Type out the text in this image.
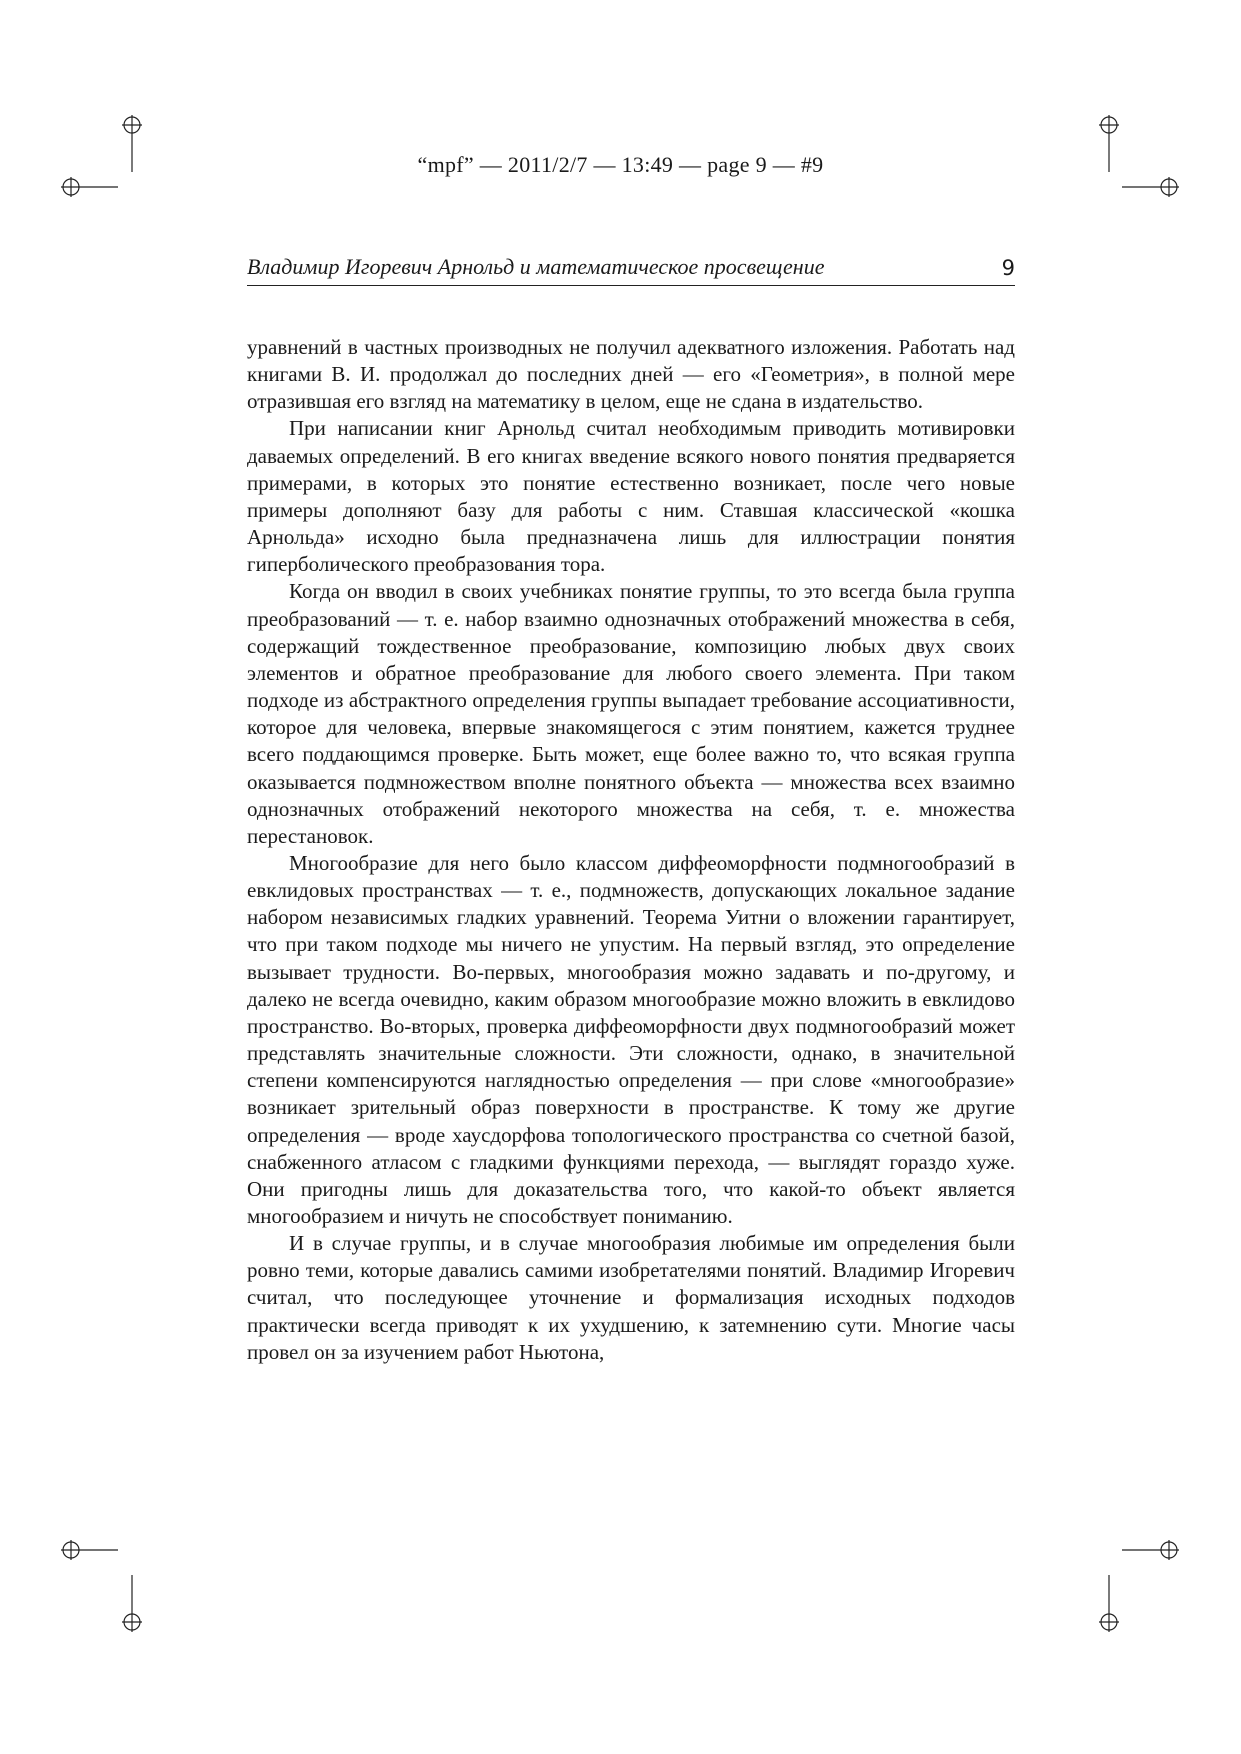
“mpf” — 2011/2/7 — 13:49 — page 9 — #9
Владимир Игоревич Арнольд и математическое просвещение	9

уравнений в частных производных не получил адекватного изложения. Работать над книгами В. И. продолжал до последних дней — его «Геометрия», в полной мере отразившая его взгляд на математику в целом, еще не сдана в издательство.

При написании книг Арнольд считал необходимым приводить мотивировки даваемых определений. В его книгах введение всякого нового понятия предваряется примерами, в которых это понятие естественно возникает, после чего новые примеры дополняют базу для работы с ним. Ставшая классической «кошка Арнольда» исходно была предназначена лишь для иллюстрации понятия гиперболического преобразования тора.

Когда он вводил в своих учебниках понятие группы, то это всегда была группа преобразований — т. е. набор взаимно однозначных отображений множества в себя, содержащий тождественное преобразование, композицию любых двух своих элементов и обратное преобразование для любого своего элемента. При таком подходе из абстрактного определения группы выпадает требование ассоциативности, которое для человека, впервые знакомящегося с этим понятием, кажется труднее всего поддающимся проверке. Быть может, еще более важно то, что всякая группа оказывается подмножеством вполне понятного объекта — множества всех взаимно однозначных отображений некоторого множества на себя, т. е. множества перестановок.

Многообразие для него было классом диффеоморфности подмногообразий в евклидовых пространствах — т. е., подмножеств, допускающих локальное задание набором независимых гладких уравнений. Теорема Уитни о вложении гарантирует, что при таком подходе мы ничего не упустим. На первый взгляд, это определение вызывает трудности. Во-первых, многообразия можно задавать и по-другому, и далеко не всегда очевидно, каким образом многообразие можно вложить в евклидово пространство. Во-вторых, проверка диффеоморфности двух подмногообразий может представлять значительные сложности. Эти сложности, однако, в значительной степени компенсируются наглядностью определения — при слове «многообразие» возникает зрительный образ поверхности в пространстве. К тому же другие определения — вроде хаусдорфова топологического пространства со счетной базой, снабженного атласом с гладкими функциями перехода, — выглядят гораздо хуже. Они пригодны лишь для доказательства того, что какой-то объект является многообразием и ничуть не способствует пониманию.

И в случае группы, и в случае многообразия любимые им определения были ровно теми, которые давались самими изобретателями понятий. Владимир Игоревич считал, что последующее уточнение и формализация исходных подходов практически всегда приводят к их ухудшению, к затемнению сути. Многие часы провел он за изучением работ Ньютона,
